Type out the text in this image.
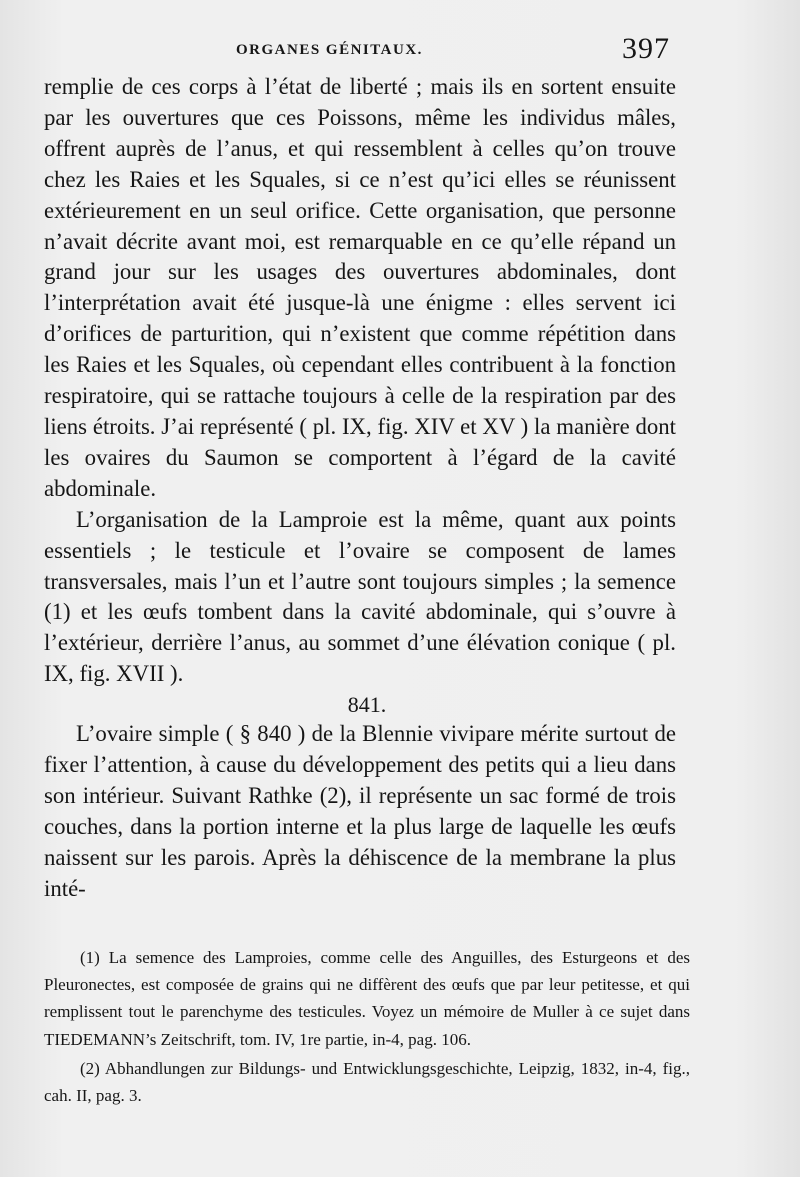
ORGANES GÉNITAUX.	397

remplie de ces corps à l’état de liberté ; mais ils en sortent ensuite par les ouvertures que ces Poissons, même les individus mâles, offrent auprès de l’anus, et qui ressemblent à celles qu’on trouve chez les Raies et les Squales, si ce n’est qu’ici elles se réunissent extérieurement en un seul orifice. Cette organisation, que personne n’avait décrite avant moi, est remarquable en ce qu’elle répand un grand jour sur les usages des ouvertures abdominales, dont l’interprétation avait été jusque-là une énigme : elles servent ici d’orifices de parturition, qui n’existent que comme répétition dans les Raies et les Squales, où cependant elles contribuent à la fonction respiratoire, qui se rattache toujours à celle de la respiration par des liens étroits. J’ai représenté ( pl. IX, fig. XIV et XV ) la manière dont les ovaires du Saumon se comportent à l’égard de la cavité abdominale.

L’organisation de la Lamproie est la même, quant aux points essentiels ; le testicule et l’ovaire se composent de lames transversales, mais l’un et l’autre sont toujours simples ; la semence (1) et les œufs tombent dans la cavité abdominale, qui s’ouvre à l’extérieur, derrière l’anus, au sommet d’une élévation conique ( pl. IX, fig. XVII ).

841.

L’ovaire simple ( § 840 ) de la Blennie vivipare mérite surtout de fixer l’attention, à cause du développement des petits qui a lieu dans son intérieur. Suivant Rathke (2), il représente un sac formé de trois couches, dans la portion interne et la plus large de laquelle les œufs naissent sur les parois. Après la déhiscence de la membrane la plus inté-

(1) La semence des Lamproies, comme celle des Anguilles, des Esturgeons et des Pleuronectes, est composée de grains qui ne diffèrent des œufs que par leur petitesse, et qui remplissent tout le parenchyme des testicules. Voyez un mémoire de Muller à ce sujet dans TIEDEMANN’s Zeitschrift, tom. IV, 1re partie, in-4, pag. 106.

(2) Abhandlungen zur Bildungs- und Entwicklungsgeschichte, Leipzig, 1832, in-4, fig., cah. II, pag. 3.
